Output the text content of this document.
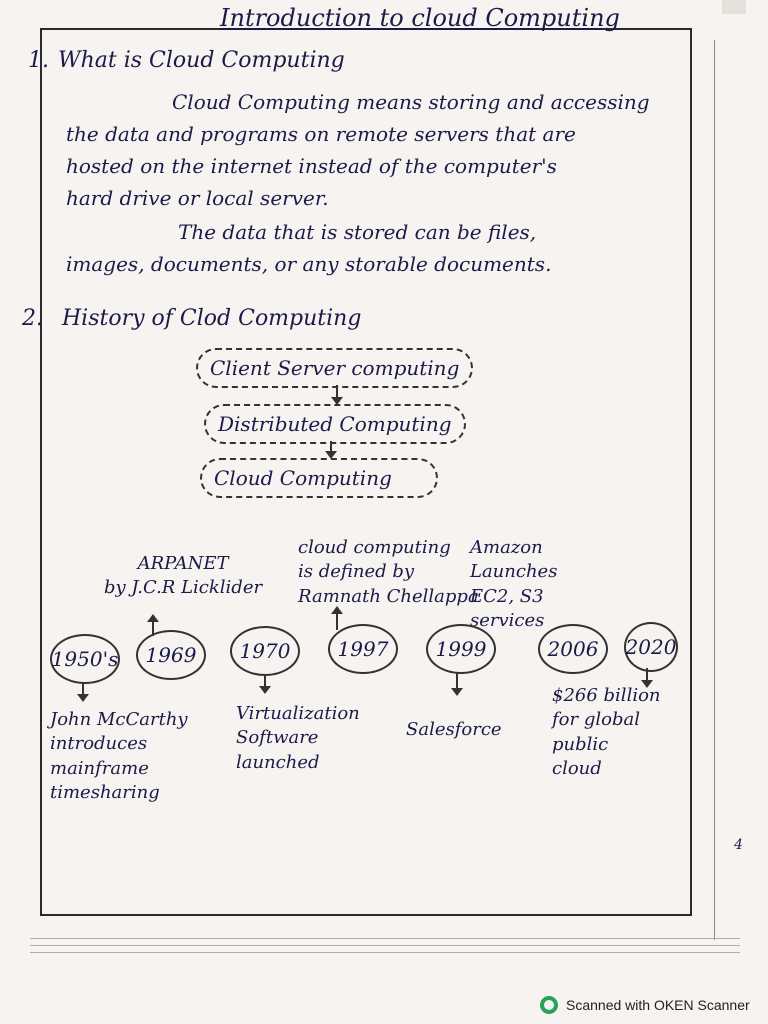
Introduction to cloud Computing
1. What is Cloud Computing
Cloud Computing means storing and accessing
the data and programs on remote servers that are
hosted on the internet instead of the computer's
hard drive or local server.
The data that is stored can be files,
images, documents, or any storable documents.
2. History of Clod Computing
Client Server computing
Distributed Computing
Cloud Computing
ARPANET
by J.C.R Licklider
cloud computing
is defined by
Ramnath Chellappa
Amazon
Launches
EC2, S3
services
1950's	1969	1970	1997	1999	2006	2020
John McCarthy
introduces
mainframe
timesharing
Virtualization
Software
launched
Salesforce
$266 billion
for global
public
cloud
4
Scanned with OKEN Scanner
